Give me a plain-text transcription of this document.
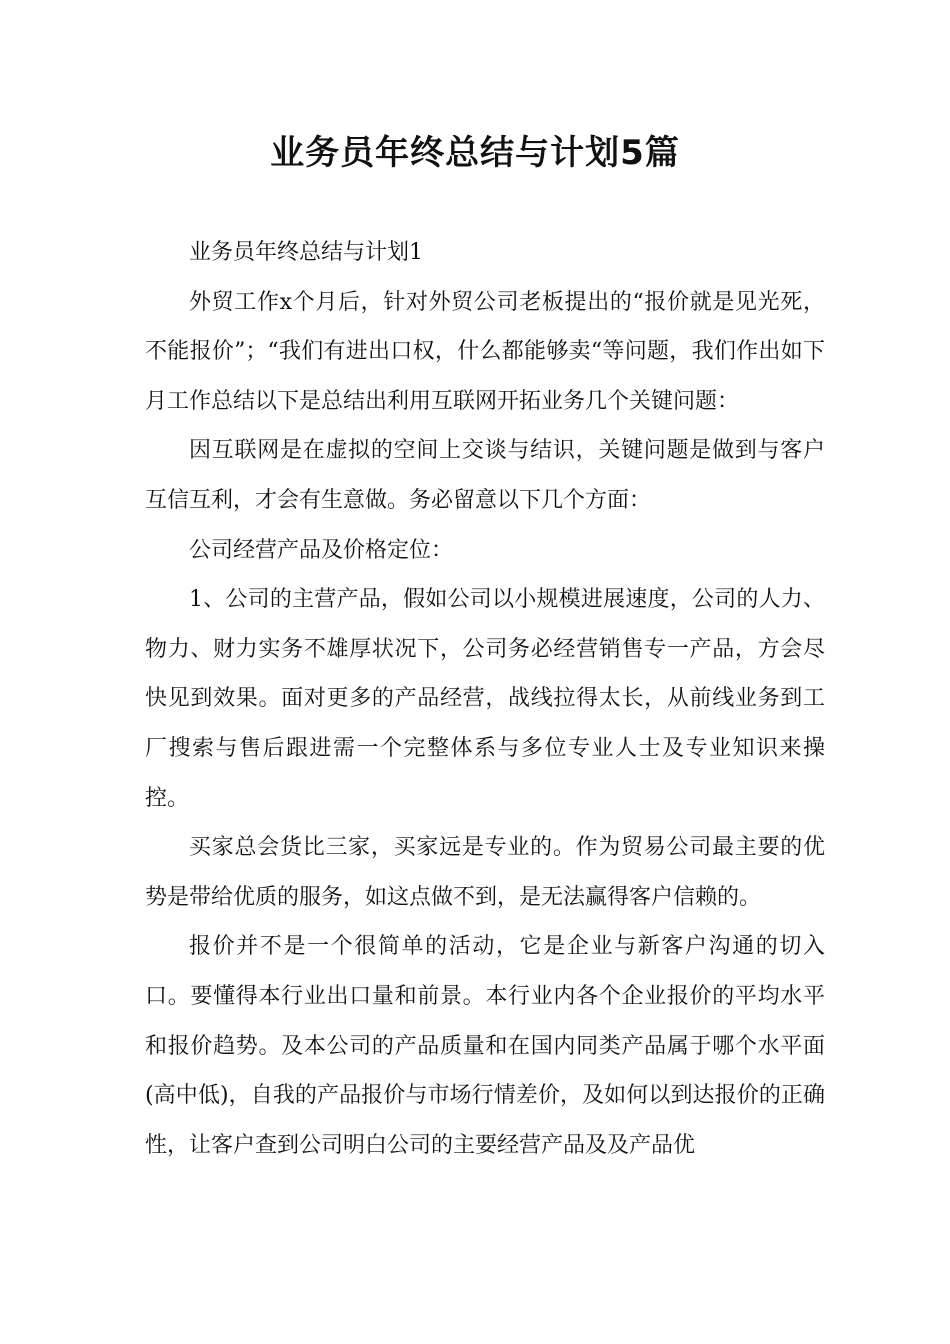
业务员年终总结与计划5篇

业务员年终总结与计划1

外贸工作x个月后，针对外贸公司老板提出的“报价就是见光死，不能报价”；“我们有进出口权，什么都能够卖“等问题，我们作出如下月工作总结以下是总结出利用互联网开拓业务几个关键问题：

因互联网是在虚拟的空间上交谈与结识，关键问题是做到与客户互信互利，才会有生意做。务必留意以下几个方面：

公司经营产品及价格定位：

1、公司的主营产品，假如公司以小规模进展速度，公司的人力、物力、财力实务不雄厚状况下，公司务必经营销售专一产品，方会尽快见到效果。面对更多的产品经营，战线拉得太长，从前线业务到工厂搜索与售后跟进需一个完整体系与多位专业人士及专业知识来操控。

买家总会货比三家，买家远是专业的。作为贸易公司最主要的优势是带给优质的服务，如这点做不到，是无法赢得客户信赖的。

报价并不是一个很简单的活动，它是企业与新客户沟通的切入口。要懂得本行业出口量和前景。本行业内各个企业报价的平均水平和报价趋势。及本公司的产品质量和在国内同类产品属于哪个水平面(高中低)，自我的产品报价与市场行情差价，及如何以到达报价的正确性，让客户查到公司明白公司的主要经营产品及及产品优
